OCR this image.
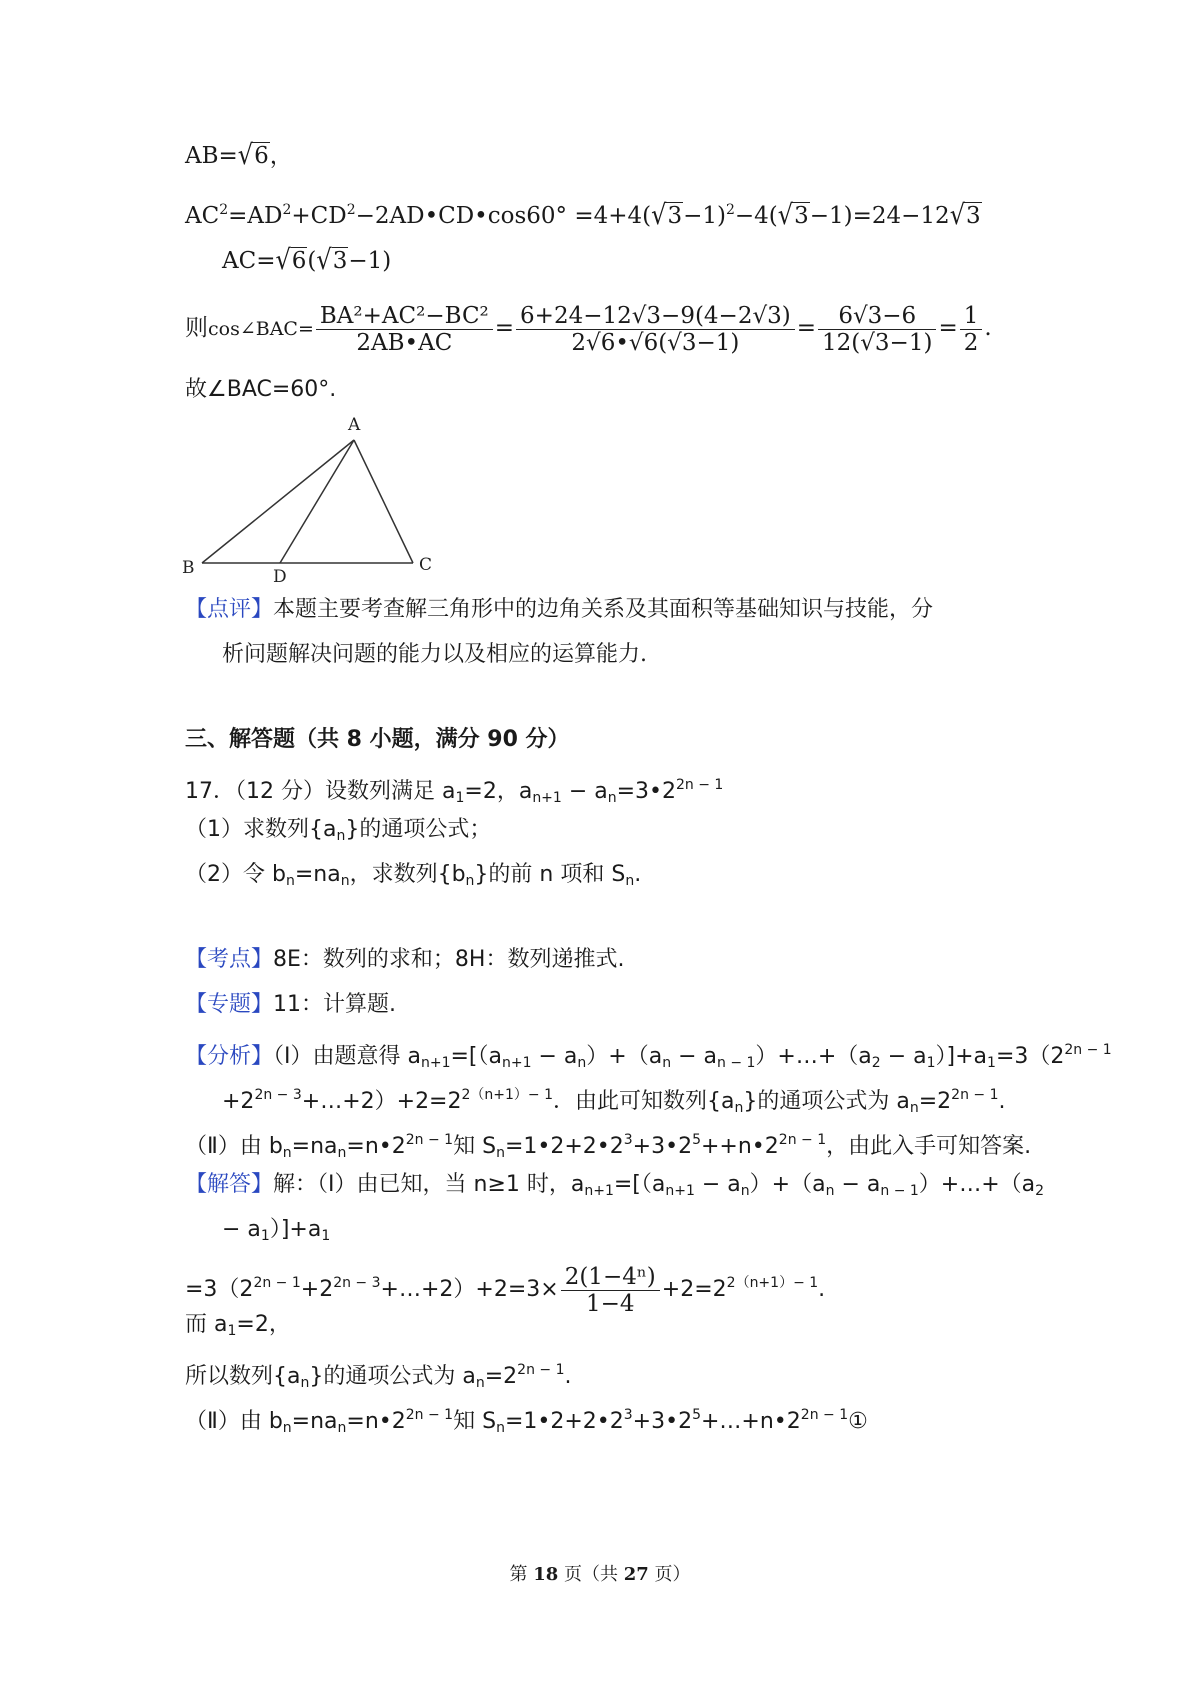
AB=√6，
$AC^2=AD^2+CD^2-2AD•CD•\cos 60^\circ =4+4(√3-1)^2-4(√3-1)=24-12√3$
AC=√6(√3−1)
则cos∠BAC= $\frac{\text{BA²+AC²−BC²}}{2AB•AC} = \frac{6+24-12√3-9(4-2√3)}{2√6•√6(√3-1)} = \frac{6√3-6}{12(√3-1)} = \frac{1}{2}$ .
故∠BAC=60°.
A
B	C
D
【点评】本题主要考查解三角形中的边角关系及其面积等基础知识与技能，分
析问题解决问题的能力以及相应的运算能力.
三、解答题（共 8 小题，满分 90 分）
17．（12 分）设数列满足 $a_1=2$，$a_{n+1}$ − $a_n=3•2^{2n - 1}$
（1）求数列$\{a_n\}$的通项公式；
（2）令 $b_n=na_n$，求数列$\{b_n\}$的前 n 项和 $S_n$.
【考点】8E：数列的求和；8H：数列递推式.
【专题】11：计算题.
【分析】（Ⅰ）由题意得 $a_{n+1}=[(a_{n+1} - a_n)+(a_n$ − $a_{n - 1})+\dots+(a_2 - a_1)]+a_1=3(2^{2n - 1}$
$+2^{2n - 3}+\dots+2)+2=2^{2(n+1)- 1}$．由此可知数列$\{a_n\}$的通项公式为 $a_n=2^{2n - 1}$.
（Ⅱ）由 $b_n=na_n=n•2^{2n - 1}$知 $S_n=1•2+2•2^3+3•2^5++n•2^{2n - 1}$，由此入手可知答案.
【解答】解：（Ⅰ）由已知，当 n≥1 时，$a_{n+1}=[(a_{n+1} - a_n)+(a_n$ − $a_{n - 1})+\dots+(a_2$
− $a_1)]+a_1$
$=3(2^{2n - 1}+2^{2n - 3}+\dots+2)+2=3\times \frac{\text{2(1−4ⁿ)}}{1-4} +2=2^{2(n+1)- 1}$.
而 $a_1=2$，
所以数列$\{a_n\}$的通项公式为 $a_n=2^{2n - 1}$.
（Ⅱ）由 $b_n=na_n=n•2^{2n - 1}$知 $S_n=1•2+2•2^3+3•2^5+\dots+n•2^{2n - 1}①$
第 18 页（共 27 页）
